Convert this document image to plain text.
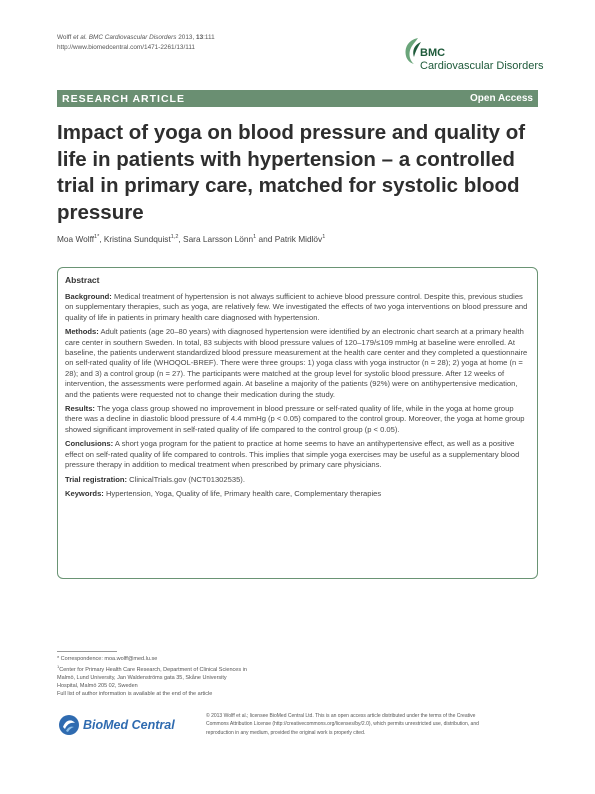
Wolff et al. BMC Cardiovascular Disorders 2013, 13:111
http://www.biomedcentral.com/1471-2261/13/111	BMC
Cardiovascular Disorders
RESEARCH ARTICLE	Open Access
Impact of yoga on blood pressure and quality of life in patients with hypertension – a controlled trial in primary care, matched for systolic blood pressure
Moa Wolff$^{1*}$, Kristina Sundquist$^{1,2}$, Sara Larsson Lönn$^1$ and Patrik Midlöv$^1$
Abstract

Background: Medical treatment of hypertension is not always sufficient to achieve blood pressure control. Despite this, previous studies on supplementary therapies, such as yoga, are relatively few. We investigated the effects of two yoga interventions on blood pressure and quality of life in patients in primary health care diagnosed with hypertension.

Methods: Adult patients (age 20–80 years) with diagnosed hypertension were identified by an electronic chart search at a primary health care center in southern Sweden. In total, 83 subjects with blood pressure values of 120–179/≤109 mmHg at baseline were enrolled. At baseline, the patients underwent standardized blood pressure measurement at the health care center and they completed a questionnaire on self-rated quality of life (WHOQOL-BREF). There were three groups: 1) yoga class with yoga instructor (n = 28); 2) yoga at home (n = 28); and 3) a control group (n = 27). The participants were matched at the group level for systolic blood pressure. After 12 weeks of intervention, the assessments were performed again. At baseline a majority of the patients (92%) were on antihypertensive medication, and the patients were requested not to change their medication during the study.

Results: The yoga class group showed no improvement in blood pressure or self-rated quality of life, while in the yoga at home group there was a decline in diastolic blood pressure of 4.4 mmHg (p < 0.05) compared to the control group. Moreover, the yoga at home group showed significant improvement in self-rated quality of life compared to the control group (p < 0.05).

Conclusions: A short yoga program for the patient to practice at home seems to have an antihypertensive effect, as well as a positive effect on self-rated quality of life compared to controls. This implies that simple yoga exercises may be useful as a supplementary blood pressure therapy in addition to medical treatment when prescribed by primary care physicians.

Trial registration: ClinicalTrials.gov (NCT01302535).

Keywords: Hypertension, Yoga, Quality of life, Primary health care, Complementary therapies

* Correspondence: moa.wolff@med.lu.se
$^1$Center for Primary Health Care Research, Department of Clinical Sciences in
Malmö, Lund University, Jan Waldenströms gata 35, Skåne University
Hospital, Malmö 205 02, Sweden
Full list of author information is available at the end of the article
BioMed Central
© 2013 Wolff et al.; licensee BioMed Central Ltd. This is an open access article distributed under the terms of the Creative
Commons Attribution License (http://creativecommons.org/licenses/by/2.0), which permits unrestricted use, distribution, and
reproduction in any medium, provided the original work is properly cited.
